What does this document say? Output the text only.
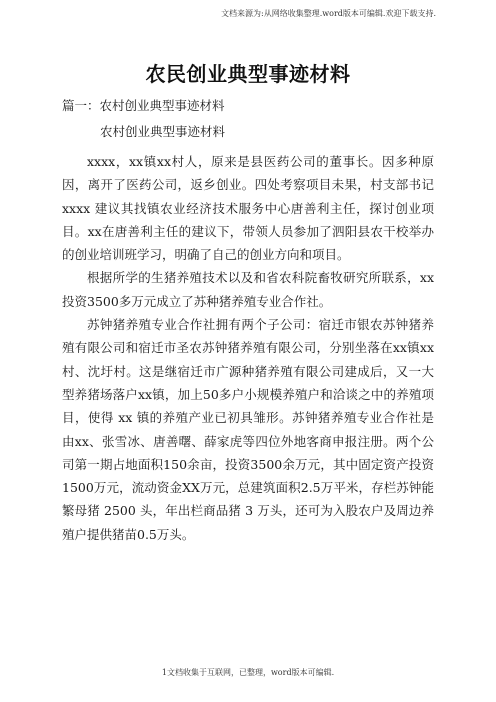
文档来源为:从网络收集整理.word版本可编辑.欢迎下载支持.
农民创业典型事迹材料
篇一：农村创业典型事迹材料
农村创业典型事迹材料

xxxx，xx镇xx村人，原来是县医药公司的董事长。因多种原因，离开了医药公司，返乡创业。四处考察项目未果，村支部书记 xxxx 建议其找镇农业经济技术服务中心唐善利主任，探讨创业项目。xx在唐善利主任的建议下，带领人员参加了泗阳县农干校举办的创业培训班学习，明确了自己的创业方向和项目。

根据所学的生猪养殖技术以及和省农科院畜牧研究所联系，xx投资3500多万元成立了苏种猪养殖专业合作社。

苏钟猪养殖专业合作社拥有两个子公司：宿迁市银农苏钟猪养殖有限公司和宿迁市圣农苏钟猪养殖有限公司，分别坐落在xx镇xx村、沈圩村。这是继宿迁市广源种猪养殖有限公司建成后，又一大型养猪场落户xx镇，加上50多户小规模养殖户和洽谈之中的养殖项目，使得 xx 镇的养殖产业已初具雏形。苏钟猪养殖专业合作社是由xx、张雪冰、唐善曙、薛家虎等四位外地客商申报注册。两个公司第一期占地面积150余亩，投资3500余万元，其中固定资产投资1500万元，流动资金XX万元，总建筑面积2.5万平米，存栏苏钟能繁母猪 2500 头，年出栏商品猪 3 万头，还可为入股农户及周边养殖户提供猪苗0.5万头。

1文档收集于互联网，已整理，word版本可编辑.
